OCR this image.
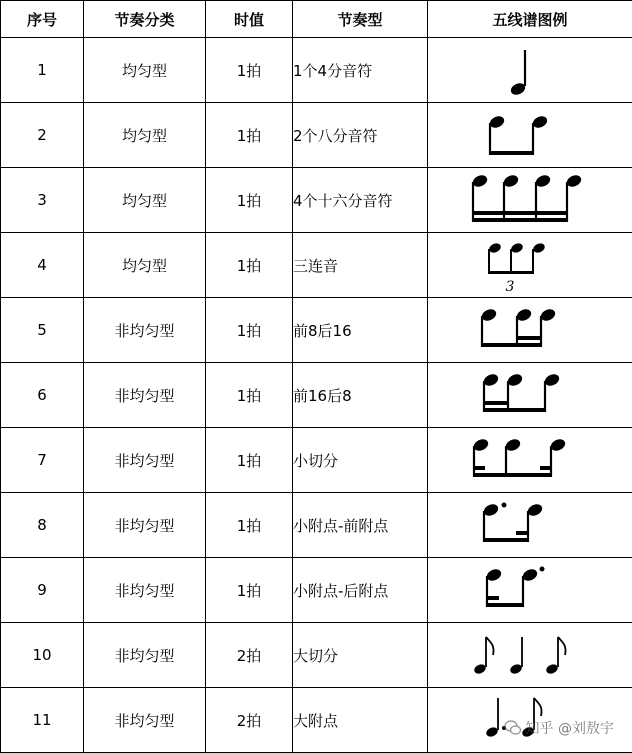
序号	节奏分类	时值	节奏型	五线谱图例
1	均匀型	1拍	1个4分音符	

2	均匀型	1拍	2个八分音符	

3	均匀型	1拍	4个十六分音符	

4	均匀型	1拍	三连音	3

5	非均匀型	1拍	前8后16	

6	非均匀型	1拍	前16后8	

7	非均匀型	1拍	小切分	

8	非均匀型	1拍	小附点-前附点	

9	非均匀型	1拍	小附点-后附点	

10	非均匀型	2拍	大切分	

11	非均匀型	2拍	大附点		知乎 @刘敖宇
